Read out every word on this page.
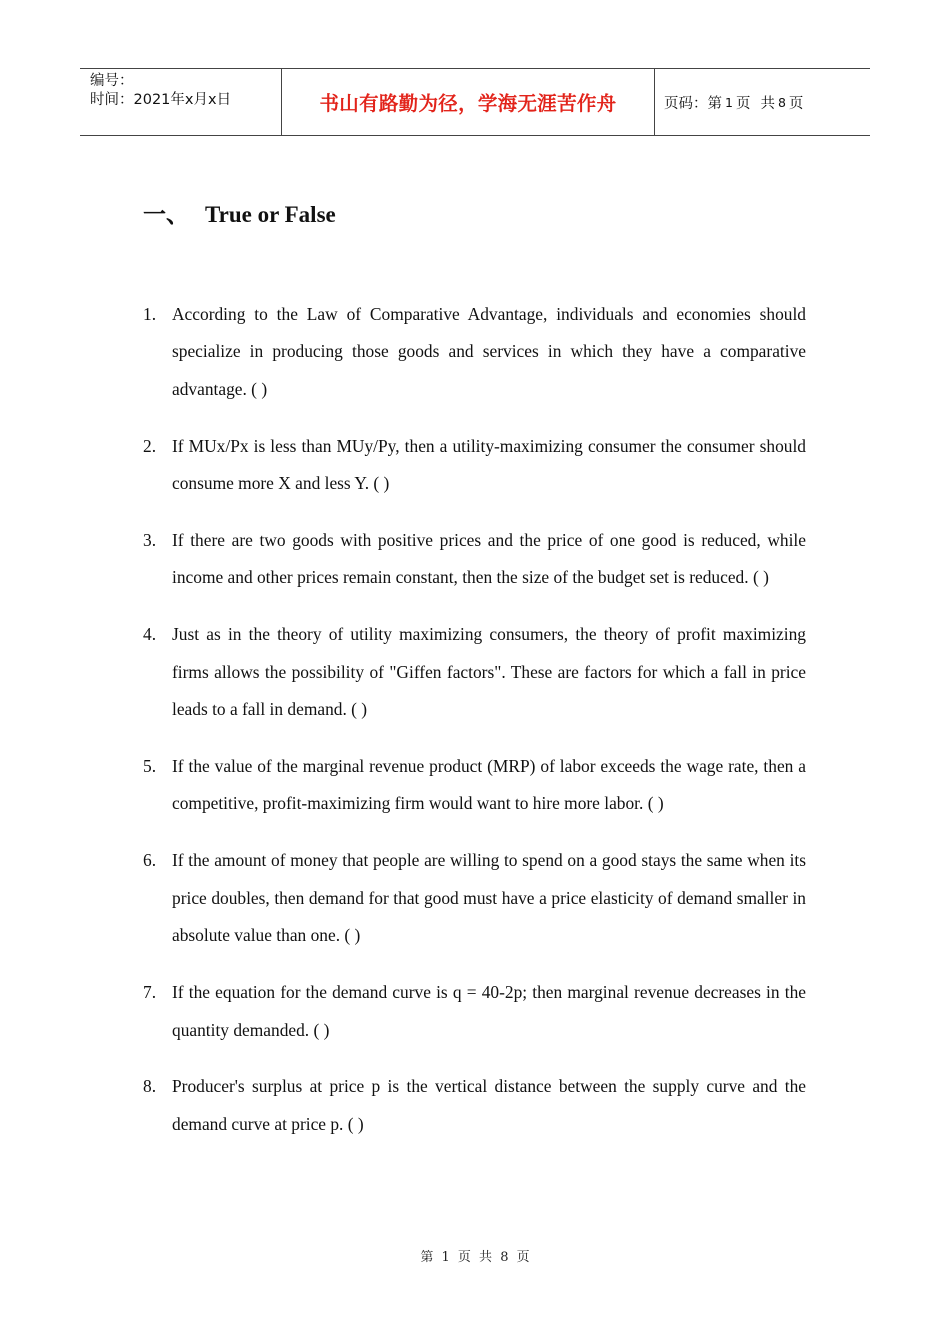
编号：
时间：2021年x月x日	书山有路勤为径，学海无涯苦作舟	页码：第 1 页 共 8 页
一、 True or False
1. According to the Law of Comparative Advantage, individuals and economies should specialize in producing those goods and services in which they have a comparative advantage. ( )
2. If MUx/Px is less than MUy/Py, then a utility-maximizing consumer the consumer should consume more X and less Y. ( )
3. If there are two goods with positive prices and the price of one good is reduced, while income and other prices remain constant, then the size of the budget set is reduced. ( )
4. Just as in the theory of utility maximizing consumers, the theory of profit maximizing firms allows the possibility of "Giffen factors". These are factors for which a fall in price leads to a fall in demand. ( )
5. If the value of the marginal revenue product (MRP) of labor exceeds the wage rate, then a competitive, profit-maximizing firm would want to hire more labor. ( )
6. If the amount of money that people are willing to spend on a good stays the same when its price doubles, then demand for that good must have a price elasticity of demand smaller in absolute value than one. ( )
7. If the equation for the demand curve is q = 40-2p; then marginal revenue decreases in the quantity demanded. ( )
8. Producer's surplus at price p is the vertical distance between the supply curve and the demand curve at price p. ( )
第 1 页 共 8 页
